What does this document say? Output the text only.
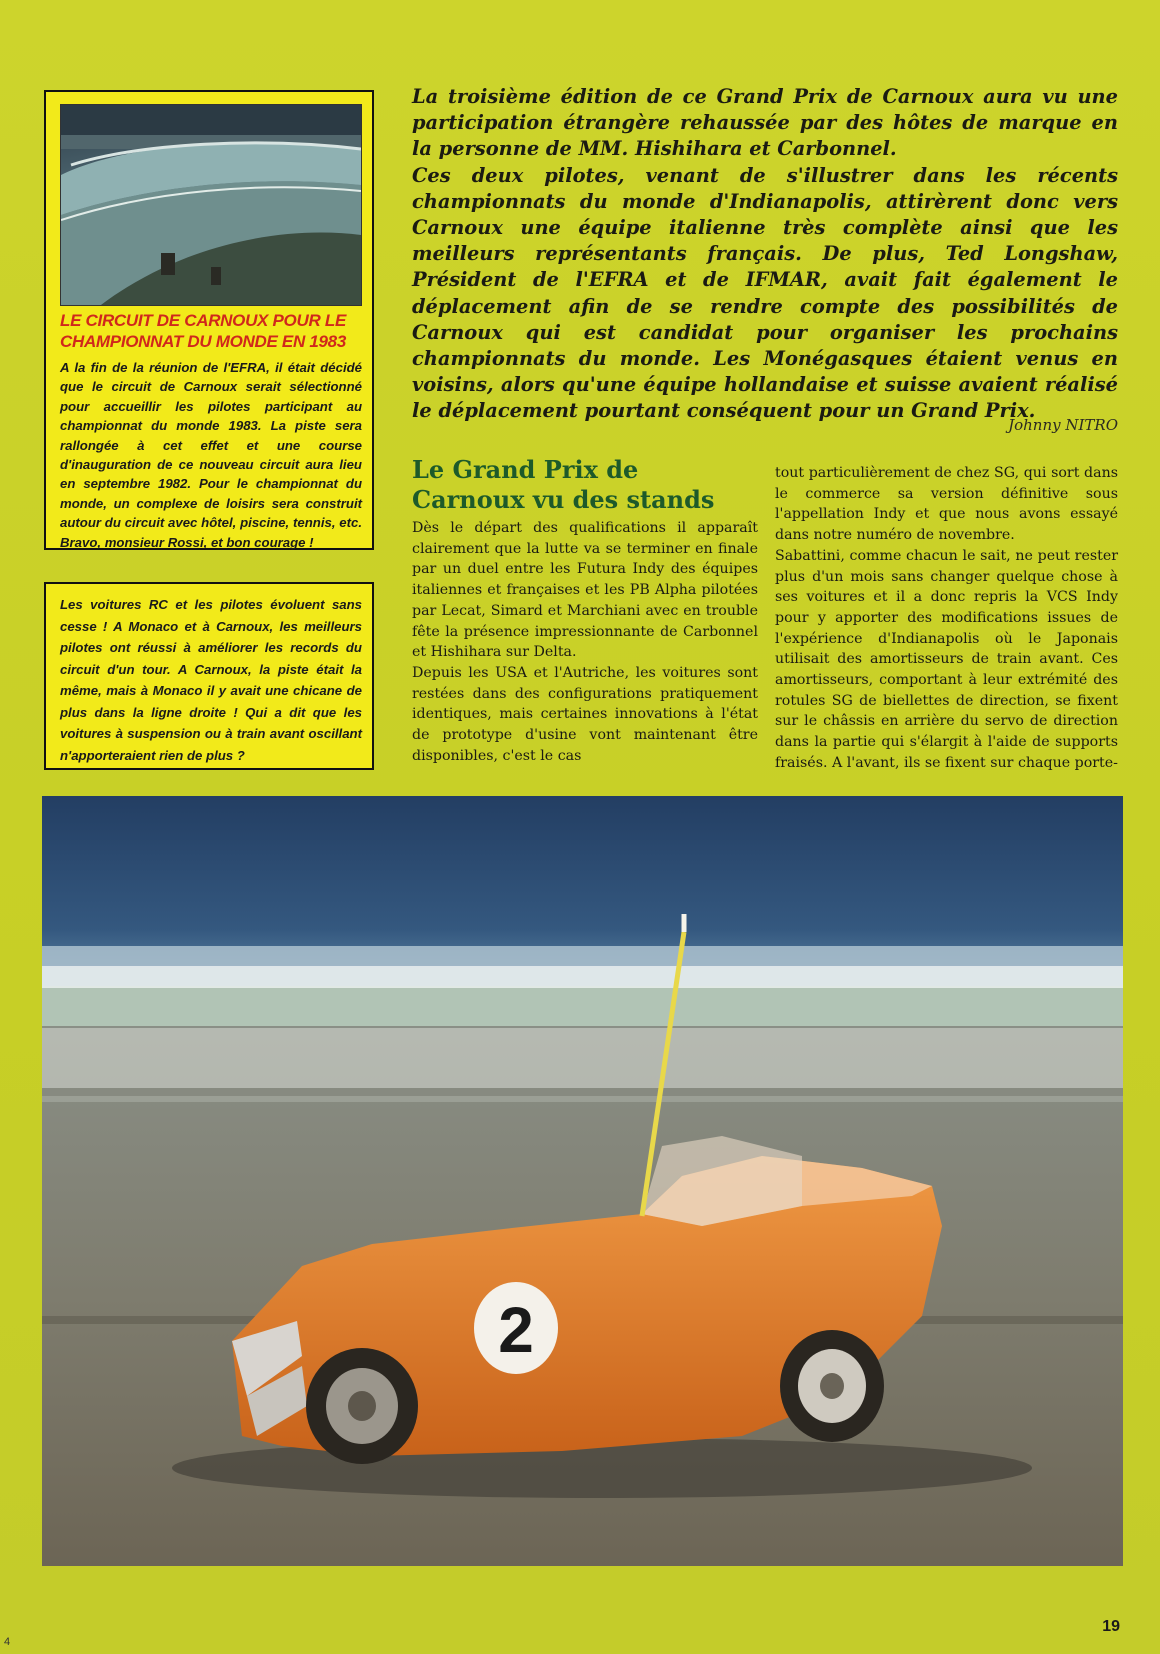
LE CIRCUIT DE CARNOUX POUR LE CHAMPIONNAT DU MONDE EN 1983
A la fin de la réunion de l'EFRA, il était décidé que le circuit de Carnoux serait sélectionné pour accueillir les pilotes participant au championnat du monde 1983. La piste sera rallongée à cet effet et une course d'inauguration de ce nouveau circuit aura lieu en septembre 1982. Pour le championnat du monde, un complexe de loisirs sera construit autour du circuit avec hôtel, piscine, tennis, etc. Bravo, monsieur Rossi, et bon courage !
Les voitures RC et les pilotes évoluent sans cesse ! A Monaco et à Carnoux, les meilleurs pilotes ont réussi à améliorer les records du circuit d'un tour. A Carnoux, la piste était la même, mais à Monaco il y avait une chicane de plus dans la ligne droite ! Qui a dit que les voitures à suspension ou à train avant oscillant n'apporteraient rien de plus ?

La troisième édition de ce Grand Prix de Carnoux aura vu une participation étrangère rehaussée par des hôtes de marque en la personne de MM. Hishihara et Carbonnel.

Ces deux pilotes, venant de s'illustrer dans les récents championnats du monde d'Indianapolis, attirèrent donc vers Carnoux une équipe italienne très complète ainsi que les meilleurs représentants français. De plus, Ted Longshaw, Président de l'EFRA et de IFMAR, avait fait également le déplacement afin de se rendre compte des possibilités de Carnoux qui est candidat pour organiser les prochains championnats du monde. Les Monégasques étaient venus en voisins, alors qu'une équipe hollandaise et suisse avaient réalisé le déplacement pourtant conséquent pour un Grand Prix.

Johnny NITRO
Le Grand Prix de Carnoux vu des stands

Dès le départ des qualifications il apparaît clairement que la lutte va se terminer en finale par un duel entre les Futura Indy des équipes italiennes et françaises et les PB Alpha pilotées par Lecat, Simard et Marchiani avec en trouble fête la présence impressionnante de Carbonnel et Hishihara sur Delta.

Depuis les USA et l'Autriche, les voitures sont restées dans des configurations pratiquement identiques, mais certaines innovations à l'état de prototype d'usine vont maintenant être disponibles, c'est le cas

tout particulièrement de chez SG, qui sort dans le commerce sa version définitive sous l'appellation Indy et que nous avons essayé dans notre numéro de novembre.

Sabattini, comme chacun le sait, ne peut rester plus d'un mois sans changer quelque chose à ses voitures et il a donc repris la VCS Indy pour y apporter des modifications issues de l'expérience d'Indianapolis où le Japonais utilisait des amortisseurs de train avant. Ces amortisseurs, comportant à leur extrémité des rotules SG de biellettes de direction, se fixent sur le châssis en arrière du servo de direction dans la partie qui s'élargit à l'aide de supports fraisés. A l'avant, ils se fixent sur chaque porte-

2
19
4
